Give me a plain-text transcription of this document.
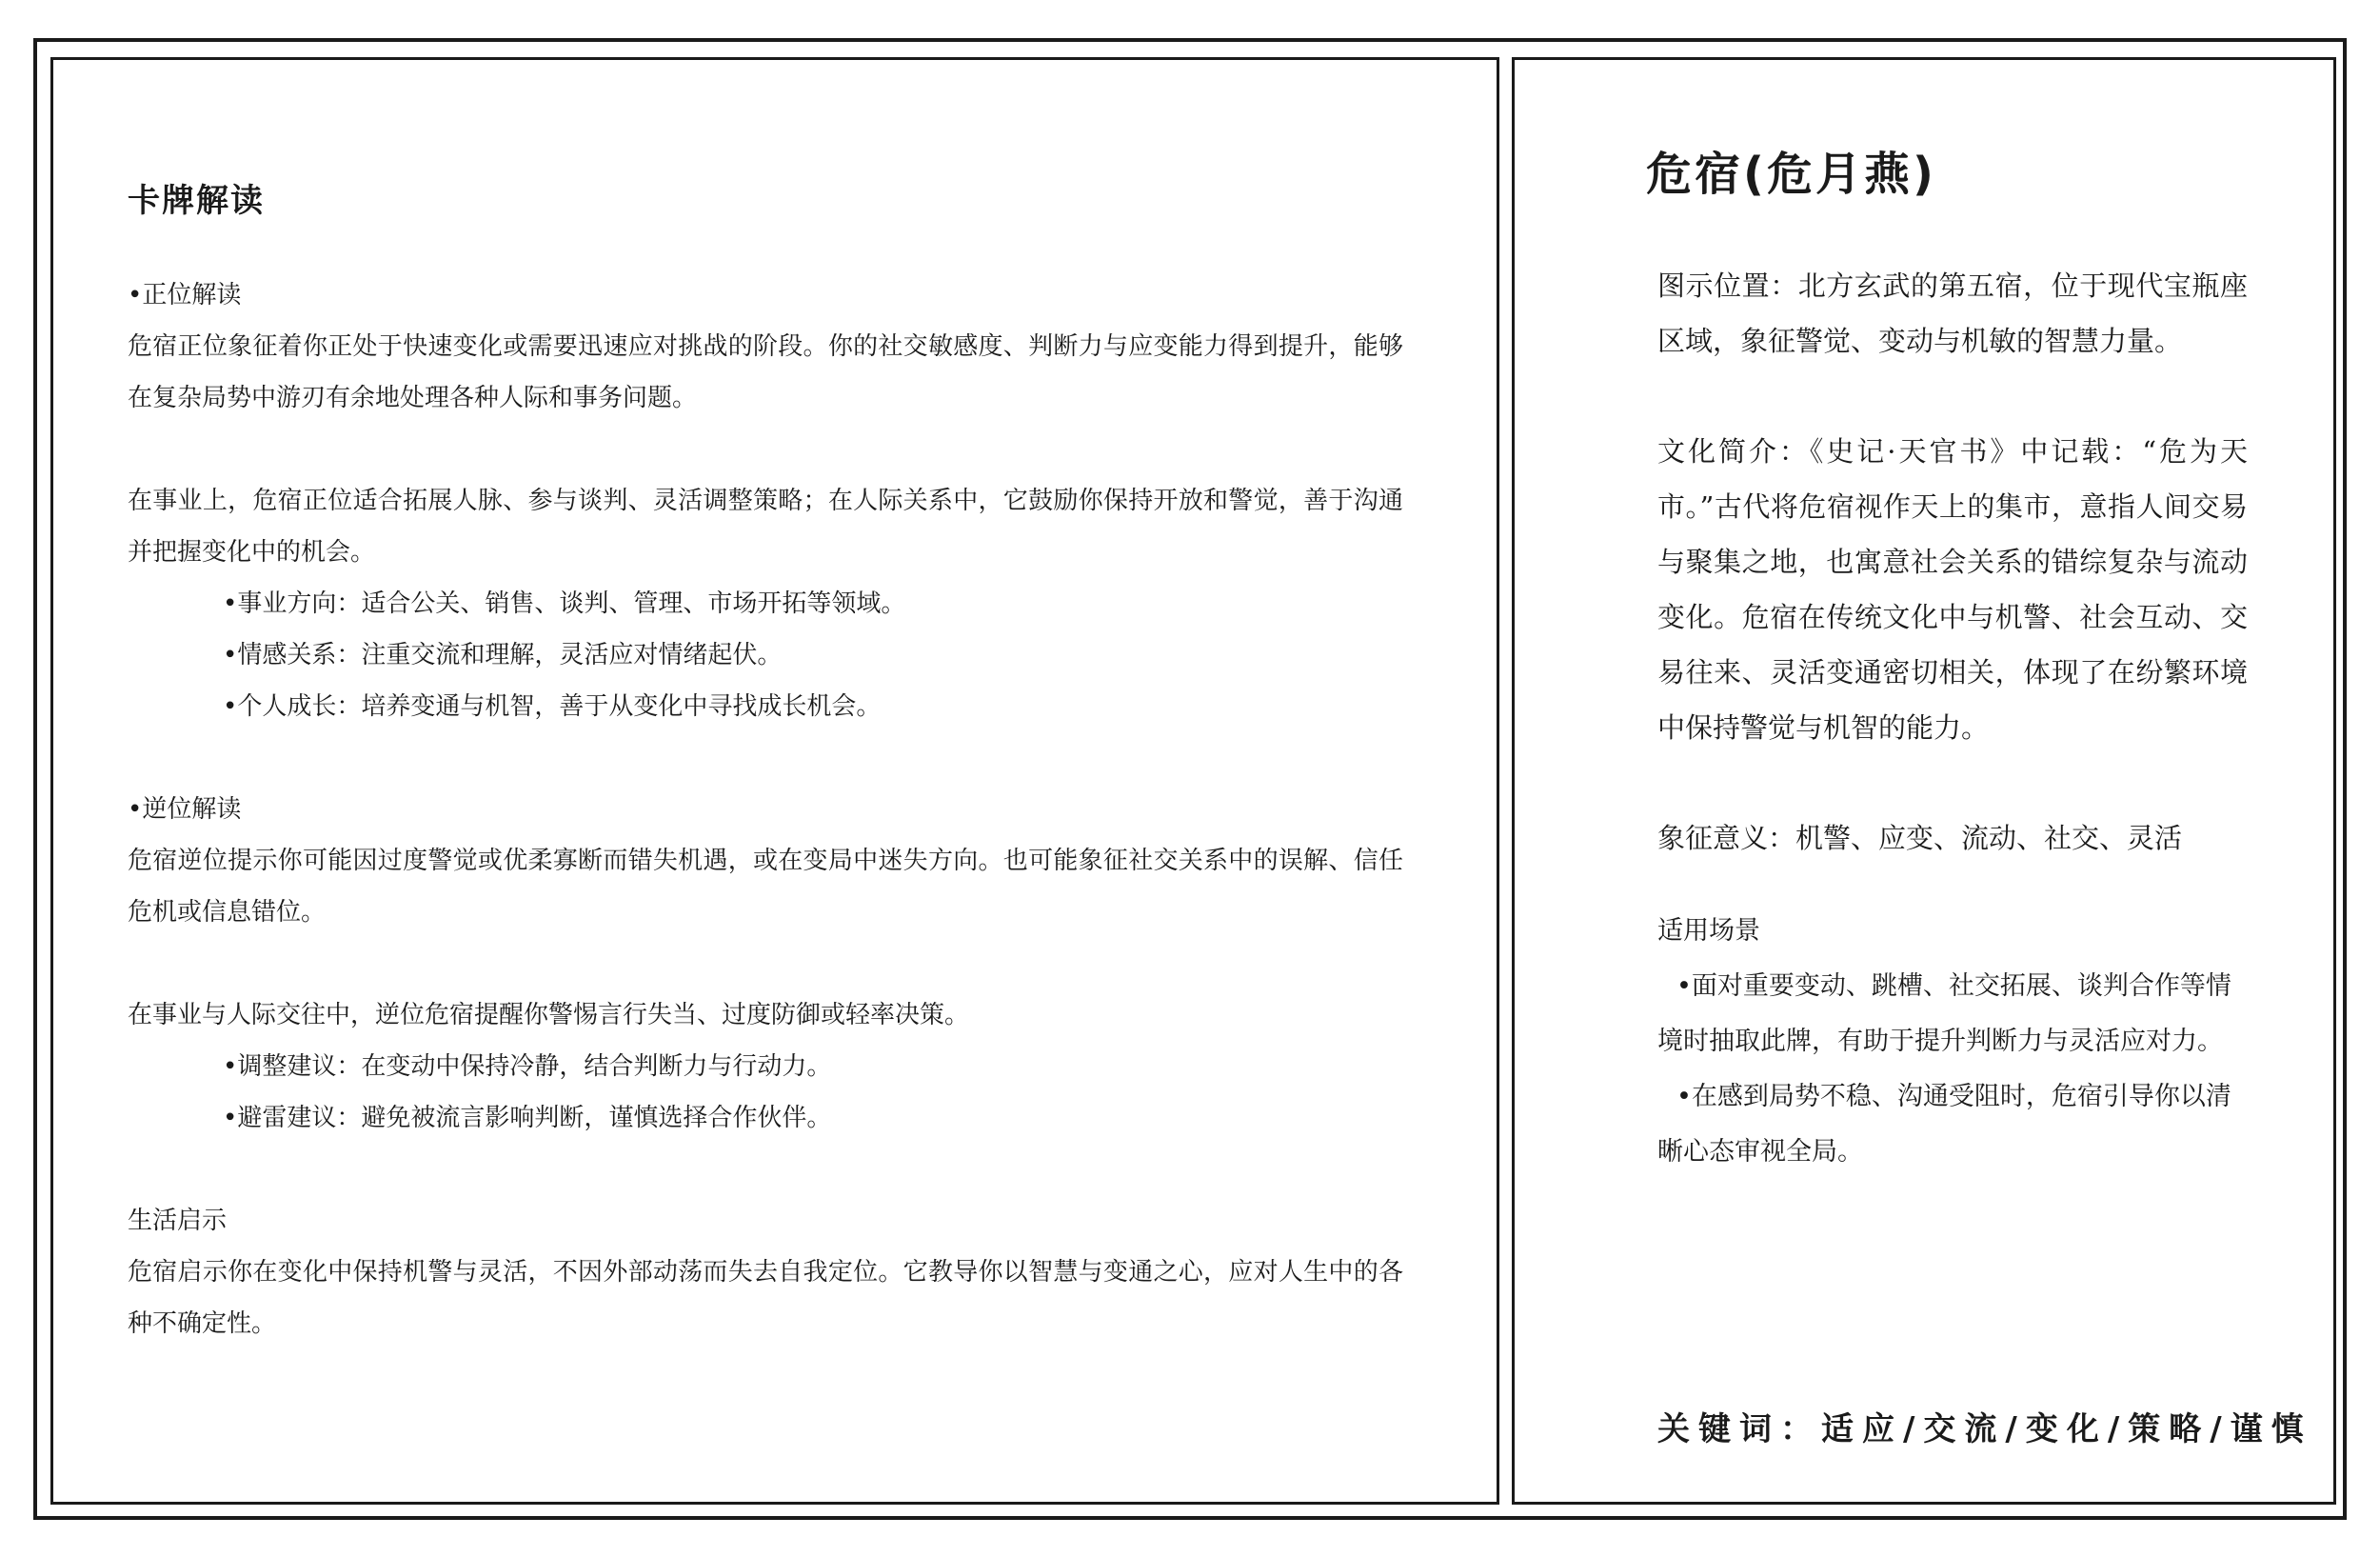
卡牌解读
•正位解读
危宿正位象征着你正处于快速变化或需要迅速应对挑战的阶段。你的社交敏感度、判断力与应变能力得到提升，能够在复杂局势中游刃有余地处理各种人际和事务问题。
在事业上，危宿正位适合拓展人脉、参与谈判、灵活调整策略；在人际关系中，它鼓励你保持开放和警觉，善于沟通并把握变化中的机会。
•事业方向：适合公关、销售、谈判、管理、市场开拓等领域。
•情感关系：注重交流和理解，灵活应对情绪起伏。
•个人成长：培养变通与机智，善于从变化中寻找成长机会。
•逆位解读
危宿逆位提示你可能因过度警觉或优柔寡断而错失机遇，或在变局中迷失方向。也可能象征社交关系中的误解、信任危机或信息错位。
在事业与人际交往中，逆位危宿提醒你警惕言行失当、过度防御或轻率决策。
•调整建议：在变动中保持冷静，结合判断力与行动力。
•避雷建议：避免被流言影响判断，谨慎选择合作伙伴。
生活启示
危宿启示你在变化中保持机警与灵活，不因外部动荡而失去自我定位。它教导你以智慧与变通之心，应对人生中的各种不确定性。
危宿(危月燕)
图示位置：北方玄武的第五宿，位于现代宝瓶座区域，象征警觉、变动与机敏的智慧力量。
文化简介：《史记·天官书》中记载：“危为天市。”古代将危宿视作天上的集市，意指人间交易与聚集之地，也寓意社会关系的错综复杂与流动变化。危宿在传统文化中与机警、社会互动、交易往来、灵活变通密切相关，体现了在纷繁环境中保持警觉与机智的能力。
象征意义：机警、应变、流动、社交、灵活
适用场景
•面对重要变动、跳槽、社交拓展、谈判合作等情境时抽取此牌，有助于提升判断力与灵活应对力。
•在感到局势不稳、沟通受阻时，危宿引导你以清晰心态审视全局。
关键词：适应/交流/变化/策略/谨慎
